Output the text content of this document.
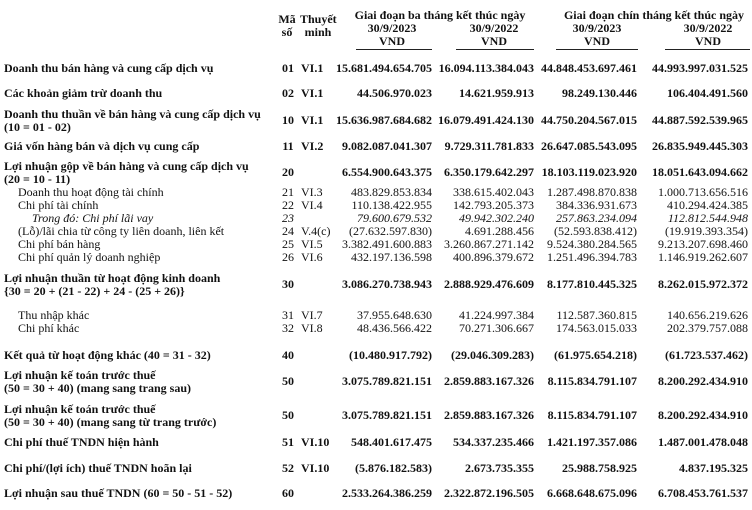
Mã
số
Thuyết
minh
Giai đoạn ba tháng kết thúc ngày	Giai đoạn chín tháng kết thúc ngày
30/9/2023	30/9/2022	30/9/2023	30/9/2022
VND	VND	VND	VND
Doanh thu bán hàng và cung cấp dịch vụ	01 VI.1	15.681.494.654.705 16.094.113.384.043 44.848.453.697.461 44.993.997.031.525
Các khoản giảm trừ doanh thu	02 VI.1	44.506.970.023 14.621.959.913 98.249.130.446	106.404.491.560
Doanh thu thuần về bán hàng và cung cấp dịch vụ
(10 = 01 - 02)	10 VI.1	15.636.987.684.682 16.079.491.424.130 44.750.204.567.015 44.887.592.539.965
Giá vốn hàng bán và dịch vụ cung cấp	11 VI.2	9.082.087.041.307 9.729.311.781.833 26.647.085.543.095 26.835.949.445.303
Lợi nhuận gộp về bán hàng và cung cấp dịch vụ
(20 = 10 - 11)	20	6.554.900.643.375 6.350.179.642.297 18.103.119.023.920 18.051.643.094.662
Doanh thu hoạt động tài chính	21 VI.3	483.829.853.834 338.615.402.043 1.287.498.870.838 1.000.713.656.516
Chi phí tài chính	22 VI.4	110.138.422.955 142.793.205.373 384.336.931.673	410.294.424.385
Trong đó: Chi phí lãi vay	23	79.600.679.532 49.942.302.240 257.863.234.094	112.812.544.948
(Lỗ)/lãi chia từ công ty liên doanh, liên kết	24 V.4(c) (27.632.597.830)	4.691.288.456 (52.593.838.412) (19.919.393.354)
Chi phí bán hàng	25 VI.5	3.382.491.600.883 3.260.867.271.142 9.524.380.284.565 9.213.207.698.460
Chi phí quản lý doanh nghiệp	26 VI.6	432.197.136.598 400.896.379.672 1.251.496.394.783 1.146.919.262.607
Lợi nhuận thuần từ hoạt động kinh doanh
{30 = 20 + (21 - 22) + 24 - (25 + 26)}	30	3.086.270.738.943 2.888.929.476.609 8.177.810.445.325 8.262.015.972.372
Thu nhập khác	31 VI.7	37.955.648.630 41.224.997.384 112.587.360.815	140.656.219.626
Chi phí khác	32 VI.8	48.436.566.422 70.271.306.667 174.563.015.033	202.379.757.088
Kết quả từ hoạt động khác (40 = 31 - 32)	40	(10.480.917.792) (29.046.309.283) (61.975.654.218) (61.723.537.462)
Lợi nhuận kế toán trước thuế
(50 = 30 + 40) (mang sang trang sau)	50	3.075.789.821.151 2.859.883.167.326 8.115.834.791.107 8.200.292.434.910
Lợi nhuận kế toán trước thuế
(50 = 30 + 40) (mang sang từ trang trước)	50	3.075.789.821.151 2.859.883.167.326 8.115.834.791.107 8.200.292.434.910
Chi phí thuế TNDN hiện hành	51 VI.10 548.401.617.475 534.337.235.466 1.421.197.357.086 1.487.001.478.048
Chi phí/(lợi ích) thuế TNDN hoãn lại	52 VI.10 (5.876.182.583)	2.673.735.355 25.988.758.925	4.837.195.325
Lợi nhuận sau thuế TNDN (60 = 50 - 51 - 52)	60	2.533.264.386.259 2.322.872.196.505 6.668.648.675.096 6.708.453.761.537
